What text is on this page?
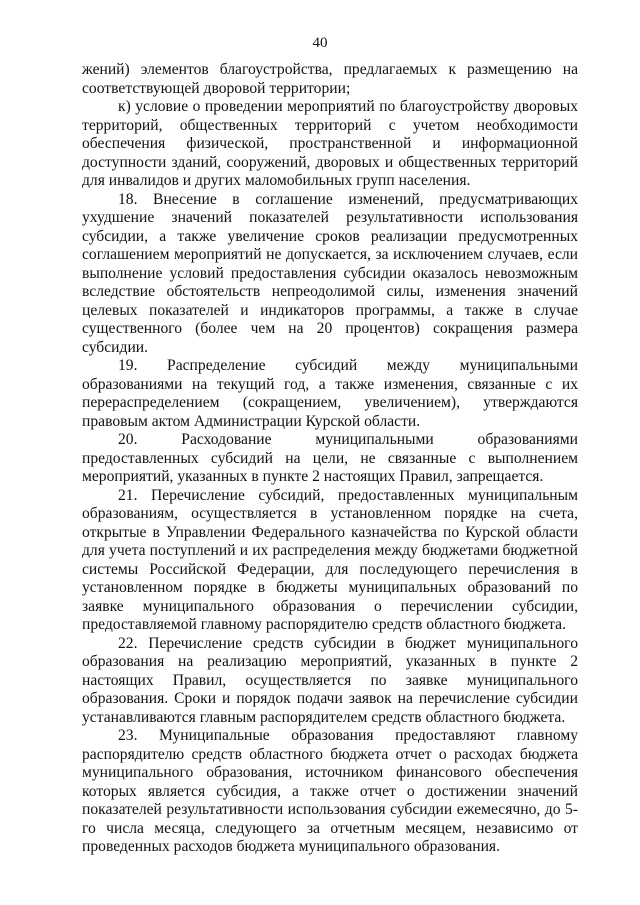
40

жений) элементов благоустройства, предлагаемых к размещению на соответствующей дворовой территории;

к) условие о проведении мероприятий по благоустройству дворовых территорий, общественных территорий с учетом необходимости обеспечения физической, пространственной и информационной доступности зданий, сооружений, дворовых и общественных территорий для инвалидов и других маломобильных групп населения.

18. Внесение в соглашение изменений, предусматривающих ухудшение значений показателей результативности использования субсидии, а также увеличение сроков реализации предусмотренных соглашением мероприятий не допускается, за исключением случаев, если выполнение условий предоставления субсидии оказалось невозможным вследствие обстоятельств непреодолимой силы, изменения значений целевых показателей и индикаторов программы, а также в случае существенного (более чем на 20 процентов) сокращения размера субсидии.

19. Распределение субсидий между муниципальными образованиями на текущий год, а также изменения, связанные с их перераспределением (сокращением, увеличением), утверждаются правовым актом Администрации Курской области.

20. Расходование муниципальными образованиями предоставленных субсидий на цели, не связанные с выполнением мероприятий, указанных в пункте 2 настоящих Правил, запрещается.

21. Перечисление субсидий, предоставленных муниципальным образованиям, осуществляется в установленном порядке на счета, открытые в Управлении Федерального казначейства по Курской области для учета поступлений и их распределения между бюджетами бюджетной системы Российской Федерации, для последующего перечисления в установленном порядке в бюджеты муниципальных образований по заявке муниципального образования о перечислении субсидии, предоставляемой главному распорядителю средств областного бюджета.

22. Перечисление средств субсидии в бюджет муниципального образования на реализацию мероприятий, указанных в пункте 2 настоящих Правил, осуществляется по заявке муниципального образования. Сроки и порядок подачи заявок на перечисление субсидии устанавливаются главным распорядителем средств областного бюджета.

23. Муниципальные образования предоставляют главному распорядителю средств областного бюджета отчет о расходах бюджета муниципального образования, источником финансового обеспечения которых является субсидия, а также отчет о достижении значений показателей результативности использования субсидии ежемесячно, до 5-го числа месяца, следующего за отчетным месяцем, независимо от проведенных расходов бюджета муниципального образования.
